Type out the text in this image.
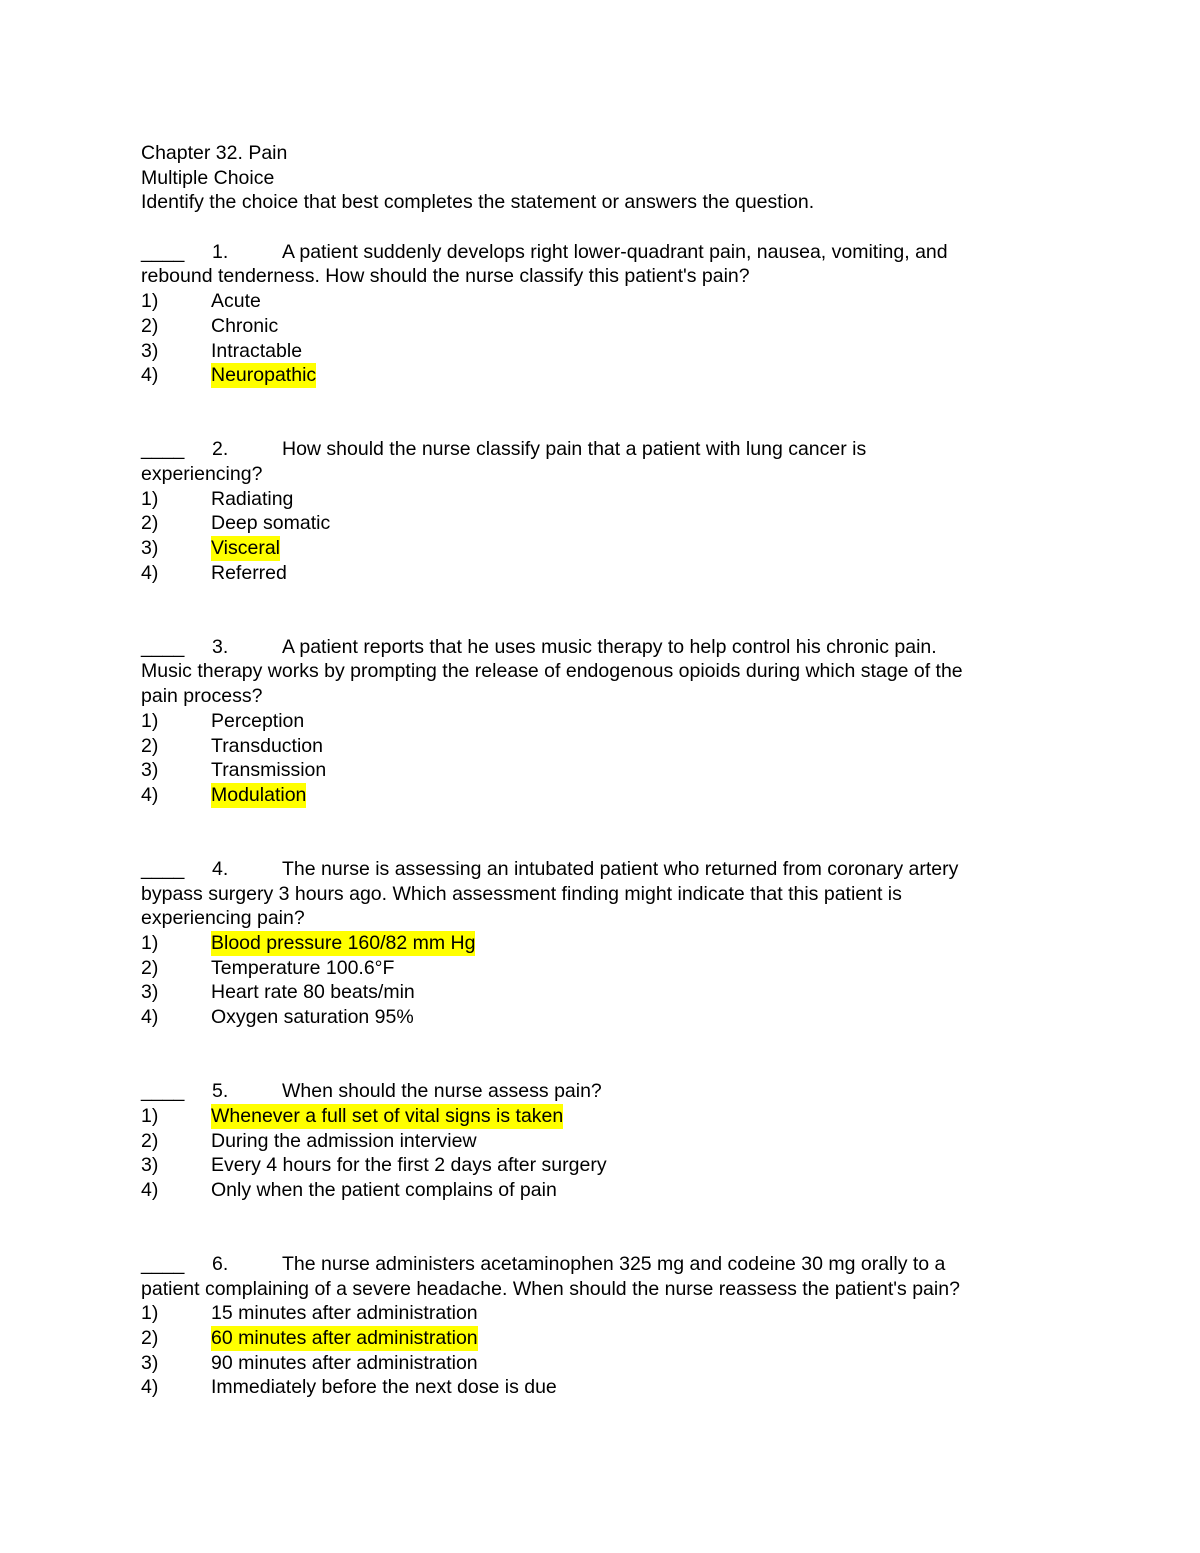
Chapter 32. Pain
Multiple Choice
Identify the choice that best completes the statement or answers the question.
____ 1.	A patient suddenly develops right lower-quadrant pain, nausea, vomiting, and
rebound tenderness. How should the nurse classify this patient's pain?
1)	Acute
2)	Chronic
3)	Intractable
4)	Neuropathic
____ 2.	How should the nurse classify pain that a patient with lung cancer is
experiencing?
1)	Radiating
2)	Deep somatic
3)	Visceral
4)	Referred
____ 3.	A patient reports that he uses music therapy to help control his chronic pain.
Music therapy works by prompting the release of endogenous opioids during which stage of the
pain process?
1)	Perception
2)	Transduction
3)	Transmission
4)	Modulation
____ 4.	The nurse is assessing an intubated patient who returned from coronary artery
bypass surgery 3 hours ago. Which assessment finding might indicate that this patient is
experiencing pain?
1)	Blood pressure 160/82 mm Hg
2)	Temperature 100.6°F
3)	Heart rate 80 beats/min
4)	Oxygen saturation 95%
____ 5.	When should the nurse assess pain?
1)	Whenever a full set of vital signs is taken
2)	During the admission interview
3)	Every 4 hours for the first 2 days after surgery
4)	Only when the patient complains of pain
____ 6.	The nurse administers acetaminophen 325 mg and codeine 30 mg orally to a
patient complaining of a severe headache. When should the nurse reassess the patient's pain?
1)	15 minutes after administration
2)	60 minutes after administration
3)	90 minutes after administration
4)	Immediately before the next dose is due
